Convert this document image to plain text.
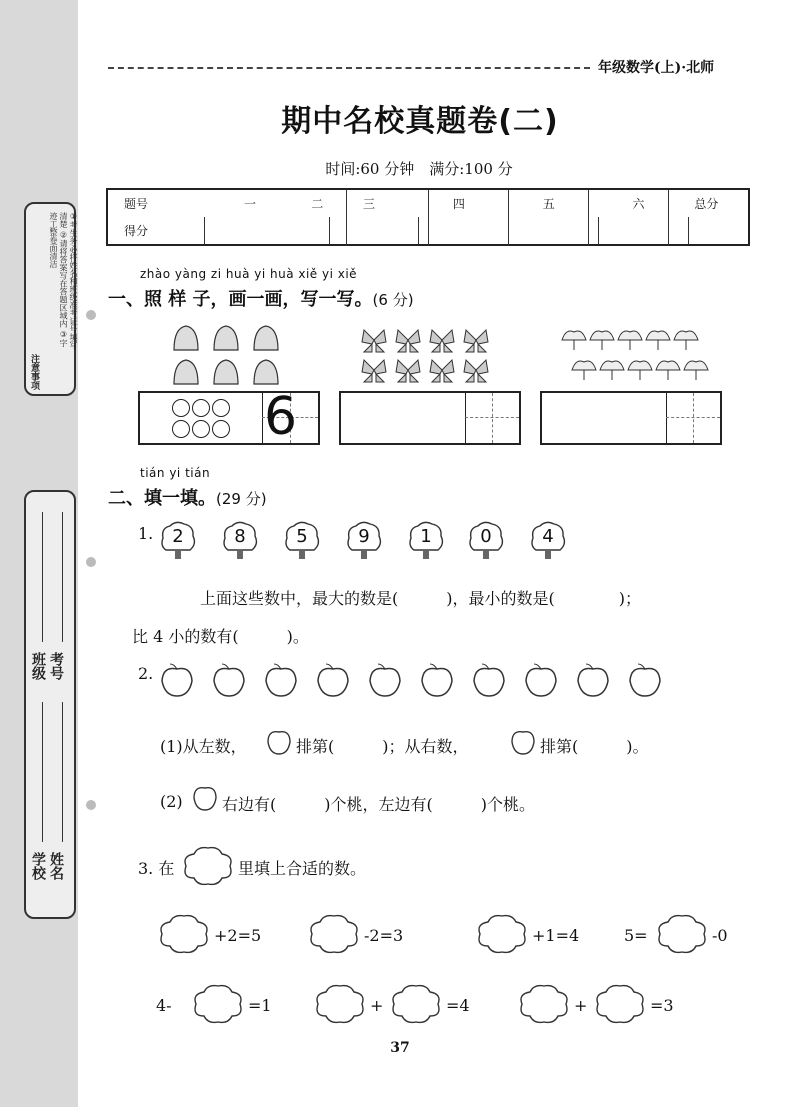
①考生务必将姓名和班级准考证号填写清楚 ②请将答案写在答题区域内 ③字迹工整卷面清洁
注意事项
学校 姓名
班级 考号
年级数学(上)·北师
期中名校真题卷(二)
时间:60 分钟　满分:100 分
题号	一	二	三	四	五	六	总分
得分							
zhào yàng zi huà yi huà xiě yi xiě
一、照 样 子，画一画，写一写。(6 分)
6
tián yi tián
二、填一填。(29 分)
1.	2	8	5	9	1	0	4
上面这些数中，最大的数是(　　　)，最小的数是(　　　　)；
比 4 小的数有(　　　)。
2.
(1)从左数，	排第(　　　)；从右数，	排第(　　　)。
(2) 右边有(　　　)个桃，左边有(　　　)个桃。
3. 在	里填上合适的数。
+2=5	-2=3	+1=4	5=	-0
4-	=1	+	=4	+	=3
37
